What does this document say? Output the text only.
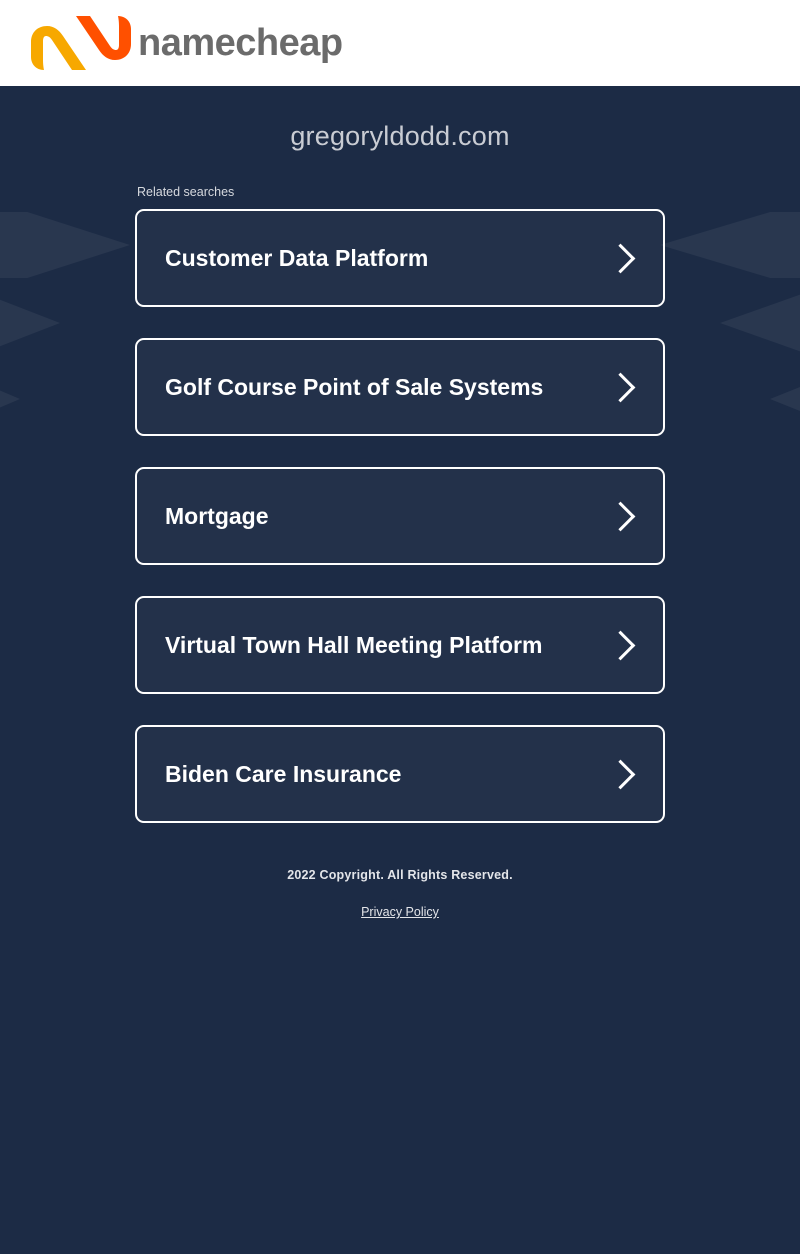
namecheap
gregoryldodd.com
Related searches
Customer Data Platform
Golf Course Point of Sale Systems
Mortgage
Virtual Town Hall Meeting Platform
Biden Care Insurance
2022 Copyright. All Rights Reserved.
Privacy Policy
